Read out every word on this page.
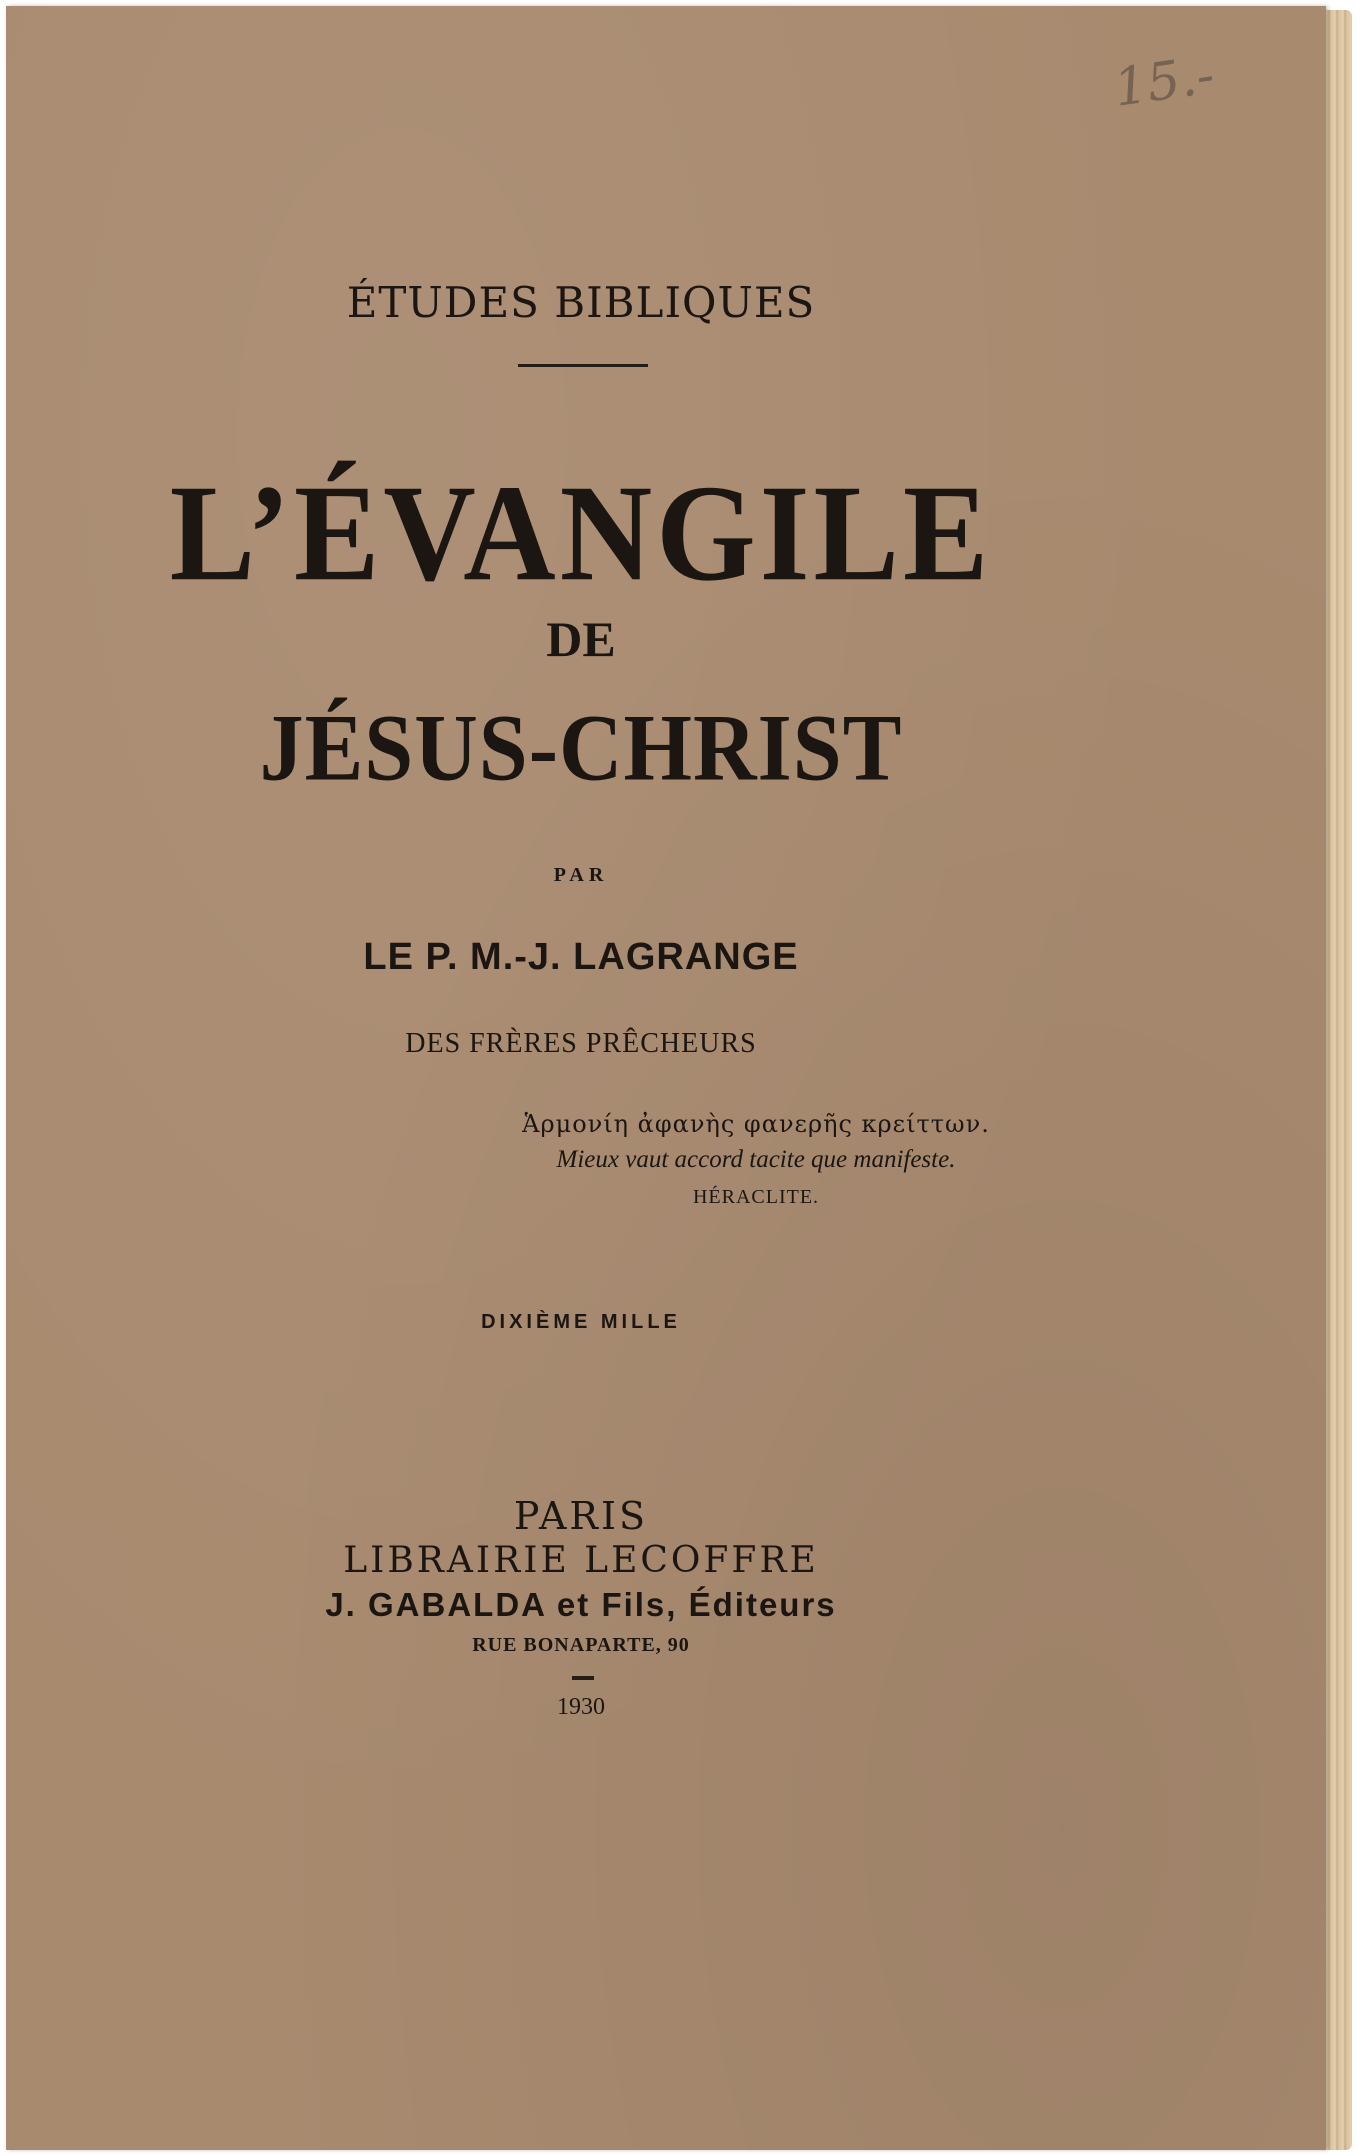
ÉTUDES BIBLIQUES
L’ÉVANGILE
DE
JÉSUS-CHRIST
PAR
LE P. M.-J. LAGRANGE
DES FRÈRES PRÊCHEURS
Ἁρμονίη ἀφανὴς φανερῆς κρείττων.
Mieux vaut accord tacite que manifeste.
HÉRACLITE.
DIXIÈME MILLE
PARIS
LIBRAIRIE LECOFFRE
J. GABALDA et Fils, Éditeurs
RUE BONAPARTE, 90
1930
15.-
